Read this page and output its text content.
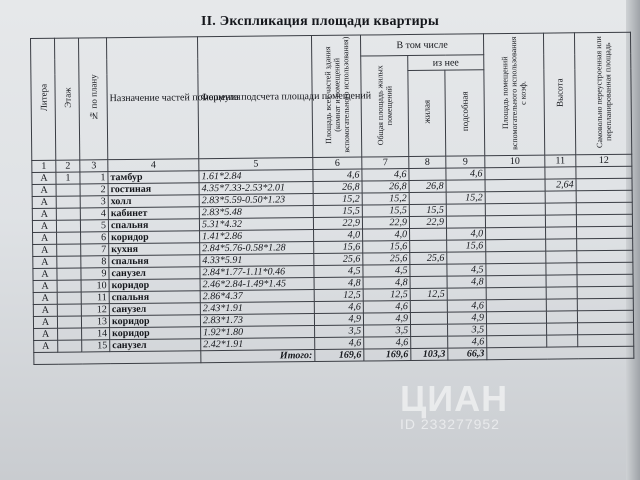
II. Экспликация площади квартиры
Литера	Этаж	№ по плану	Назначение частей помещения	Формула подсчета площади помещений	Площадь всех частей здания (комнат и помещений вспомогательного использования)	В том числе			Площадь помещений вспомогательного использования с коэф.	Высота	Самовольно переустроенная или перепланированная площадь
						Общая площадь жилых помещений	из нее				
							жилая	подсобная			
1	2	3	4	5	6	7	8	9	10	11	12
А	1	1	тамбур	1.61*2.84	4,6	4,6		4,6			
А		2	гостиная	4.35*7.33-2.53*2.01	26,8	26,8	26,8			2,64	
А		3	холл	2.83*5.59-0.50*1.23	15,2	15,2		15,2			
А		4	кабинет	2.83*5.48	15,5	15,5	15,5				
А		5	спальня	5.31*4.32	22,9	22,9	22,9				
А		6	коридор	1.41*2.86	4,0	4,0		4,0			
А		7	кухня	2.84*5.76-0.58*1.28	15,6	15,6		15,6			
А		8	спальня	4.33*5.91	25,6	25,6	25,6				
А		9	санузел	2.84*1.77-1.11*0.46	4,5	4,5		4,5			
А		10	коридор	2.46*2.84-1.49*1.45	4,8	4,8		4,8			
А		11	спальня	2.86*4.37	12,5	12,5	12,5				
А		12	санузел	2.43*1.91	4,6	4,6		4,6			
А		13	коридор	2.83*1.73	4,9	4,9		4,9			
А		14	коридор	1.92*1.80	3,5	3,5		3,5			
А		15	санузел	2.42*1.91	4,6	4,6		4,6			
				Итого:	169,6	169,6	103,3	66,3			
ЦИАН
ID 233277952
